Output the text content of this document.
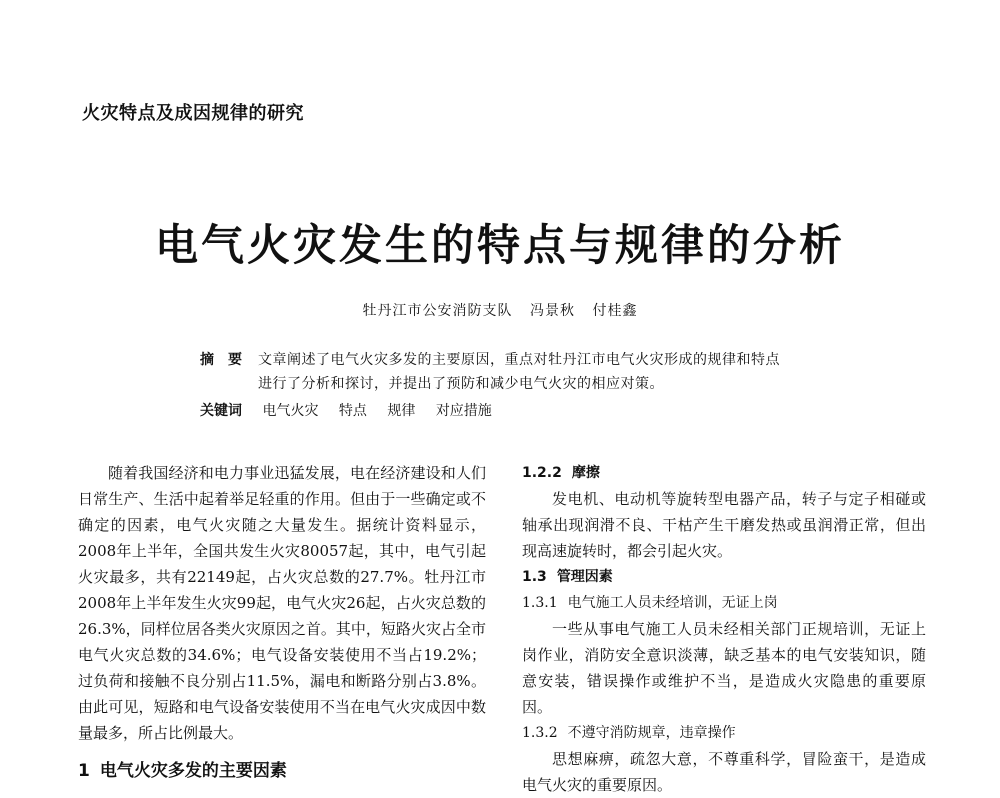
火灾特点及成因规律的研究
电气火灾发生的特点与规律的分析
牡丹江市公安消防支队 冯景秋 付桂鑫
摘　要 文章阐述了电气火灾多发的主要原因，重点对牡丹江市电气火灾形成的规律和特点
进行了分析和探讨，并提出了预防和减少电气火灾的相应对策。
关键词 电气火灾 特点 规律 对应措施

随着我国经济和电力事业迅猛发展，电在经济建设和人们日常生产、生活中起着举足轻重的作用。但由于一些确定或不确定的因素，电气火灾随之大量发生。据统计资料显示，2008年上半年，全国共发生火灾80057起，其中，电气引起火灾最多，共有22149起，占火灾总数的27.7%。牡丹江市2008年上半年发生火灾99起，电气火灾26起，占火灾总数的26.3%，同样位居各类火灾原因之首。其中，短路火灾占全市电气火灾总数的34.6%；电气设备安装使用不当占19.2%；过负荷和接触不良分别占11.5%，漏电和断路分别占3.8%。由此可见，短路和电气设备安装使用不当在电气火灾成因中数量最多，所占比例最大。

1 电气火灾多发的主要因素
1.2.2 摩擦

发电机、电动机等旋转型电器产品，转子与定子相碰或轴承出现润滑不良、干枯产生干磨发热或虽润滑正常，但出现高速旋转时，都会引起火灾。

1.3 管理因素
1.3.1 电气施工人员未经培训，无证上岗

一些从事电气施工人员未经相关部门正规培训，无证上岗作业，消防安全意识淡薄，缺乏基本的电气安装知识，随意安装，错误操作或维护不当，是造成火灾隐患的重要原因。

1.3.2 不遵守消防规章，违章操作

思想麻痹，疏忽大意，不尊重科学，冒险蛮干，是造成电气火灾的重要原因。
